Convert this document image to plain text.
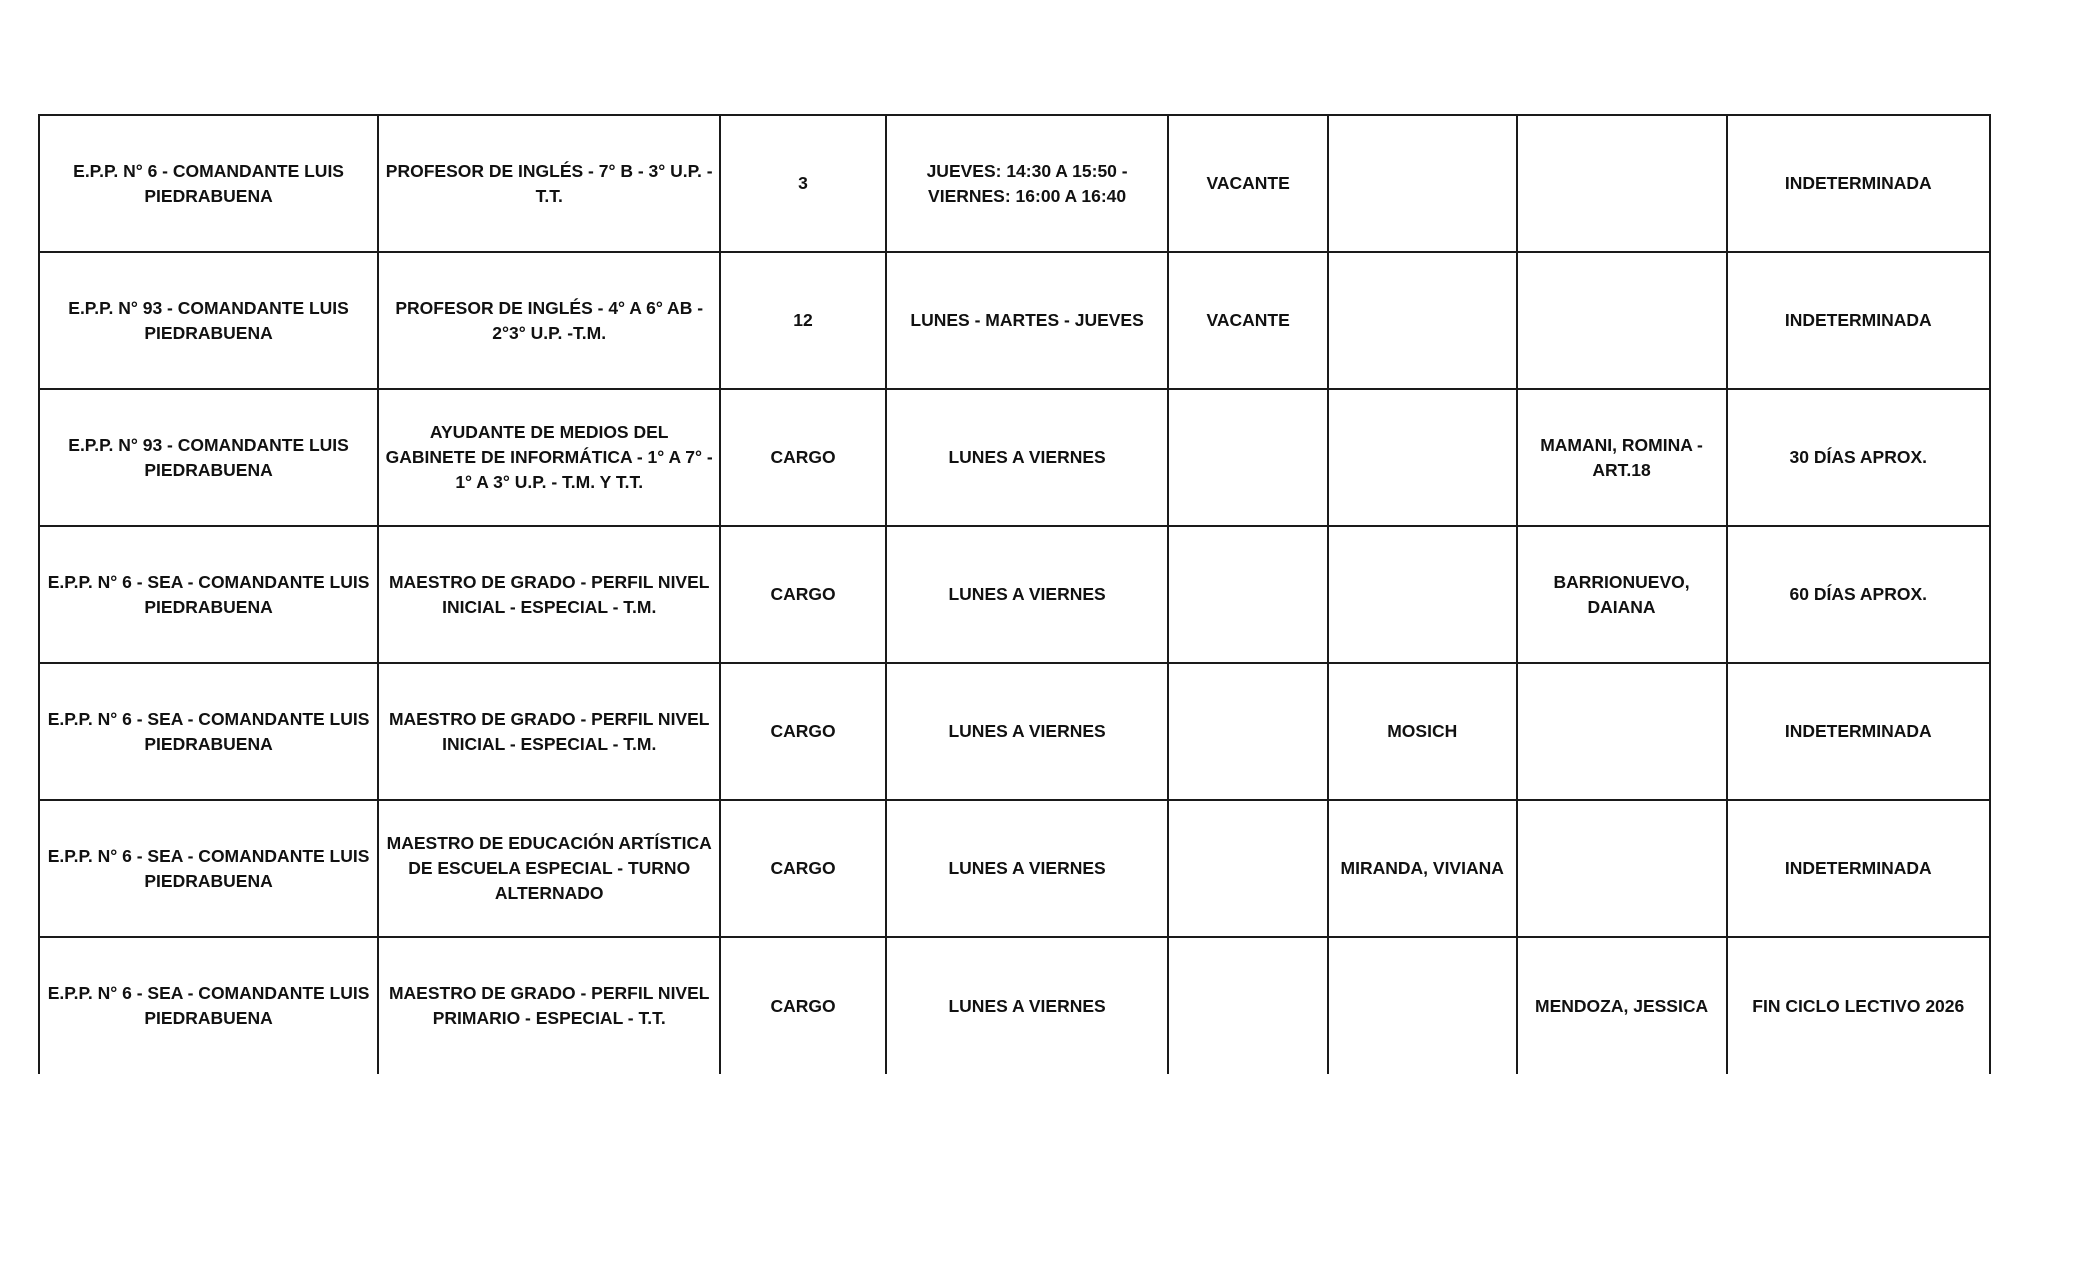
E.P.P. N° 6 - COMANDANTE LUIS PIEDRABUENA	PROFESOR DE INGLÉS - 7° B - 3° U.P. - T.T.	3	JUEVES: 14:30 A 15:50 - VIERNES: 16:00 A 16:40	VACANTE			INDETERMINADA
E.P.P. N° 93 - COMANDANTE LUIS PIEDRABUENA	PROFESOR DE INGLÉS - 4° A 6° AB - 2°3° U.P. -T.M.	12	LUNES - MARTES - JUEVES	VACANTE			INDETERMINADA
E.P.P. N° 93 - COMANDANTE LUIS PIEDRABUENA	AYUDANTE DE MEDIOS DEL GABINETE DE INFORMÁTICA - 1° A 7° - 1° A 3° U.P. - T.M. Y T.T.	CARGO	LUNES A VIERNES			MAMANI, ROMINA - ART.18	30 DÍAS APROX.
E.P.P. N° 6 - SEA - COMANDANTE LUIS PIEDRABUENA	MAESTRO DE GRADO - PERFIL NIVEL INICIAL - ESPECIAL - T.M.	CARGO	LUNES A VIERNES			BARRIONUEVO, DAIANA	60 DÍAS APROX.
E.P.P. N° 6 - SEA - COMANDANTE LUIS PIEDRABUENA	MAESTRO DE GRADO - PERFIL NIVEL INICIAL - ESPECIAL - T.M.	CARGO	LUNES A VIERNES		MOSICH		INDETERMINADA
E.P.P. N° 6 - SEA - COMANDANTE LUIS PIEDRABUENA	MAESTRO DE EDUCACIÓN ARTÍSTICA DE ESCUELA ESPECIAL - TURNO ALTERNADO	CARGO	LUNES A VIERNES		MIRANDA, VIVIANA		INDETERMINADA
E.P.P. N° 6 - SEA - COMANDANTE LUIS PIEDRABUENA	MAESTRO DE GRADO - PERFIL NIVEL PRIMARIO - ESPECIAL - T.T.	CARGO	LUNES A VIERNES			MENDOZA, JESSICA	FIN CICLO LECTIVO 2026
